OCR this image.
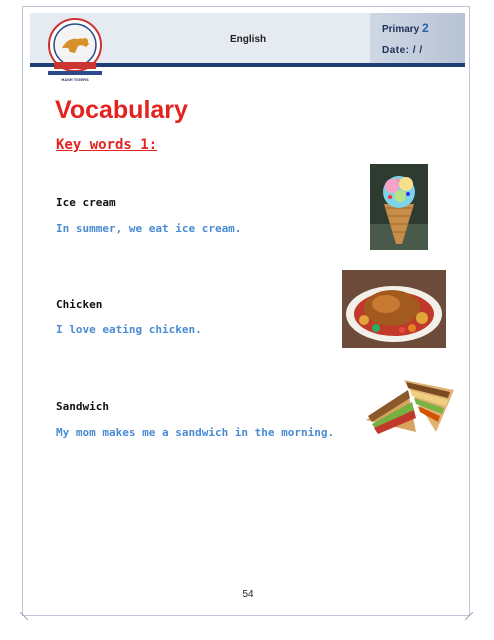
HASH TIGERS
English
Primary 2
Date: / /
Vocabulary
Key words 1:
Ice cream
In summer, we eat ice cream.
Chicken
I love eating chicken.
Sandwich
My mom makes me a sandwich in the morning.
54
